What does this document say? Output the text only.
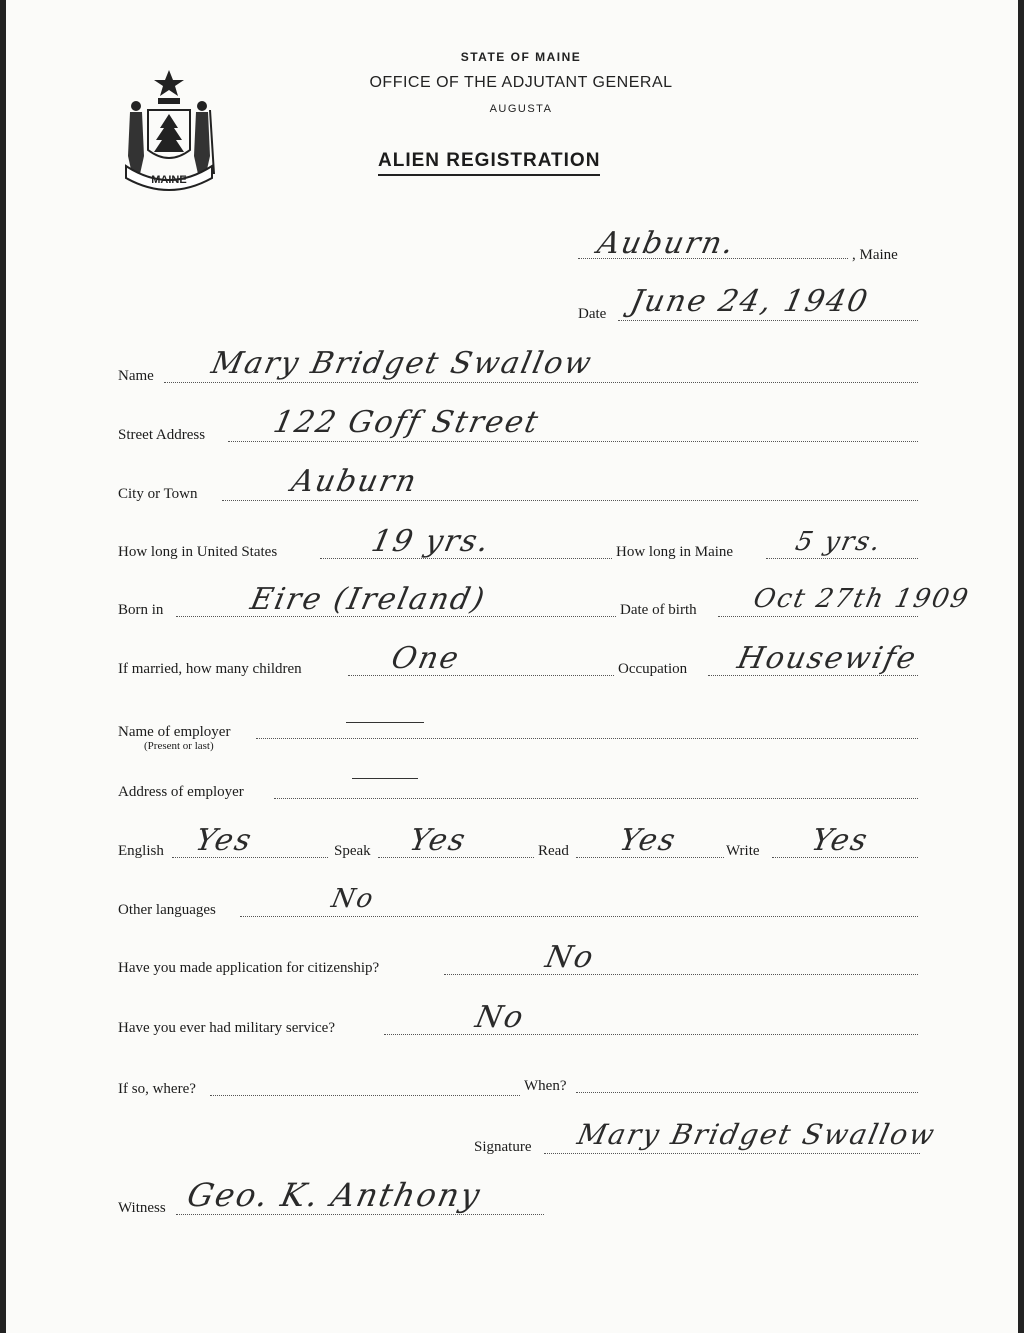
MAINE
STATE OF MAINE
OFFICE OF THE ADJUTANT GENERAL
AUGUSTA
ALIEN REGISTRATION
Auburn.	, Maine
Date June 24, 1940
Name Mary Bridget Swallow
Street Address 122 Goff Street
City or Town	Auburn
How long in United States	19 yrs.	How long in Maine 5 yrs.
Born in	Eire (Ireland)	Date of birth Oct 27th 1909
If married, how many children	One	Occupation Housewife
Name of employer
(Present or last)
Address of employer
English Yes	Speak Yes	Read Yes	Write Yes
Other languages	No
Have you made application for citizenship?	No
Have you ever had military service?	No
If so, where?	When?
Signature Mary Bridget Swallow
Witness Geo. K. Anthony
